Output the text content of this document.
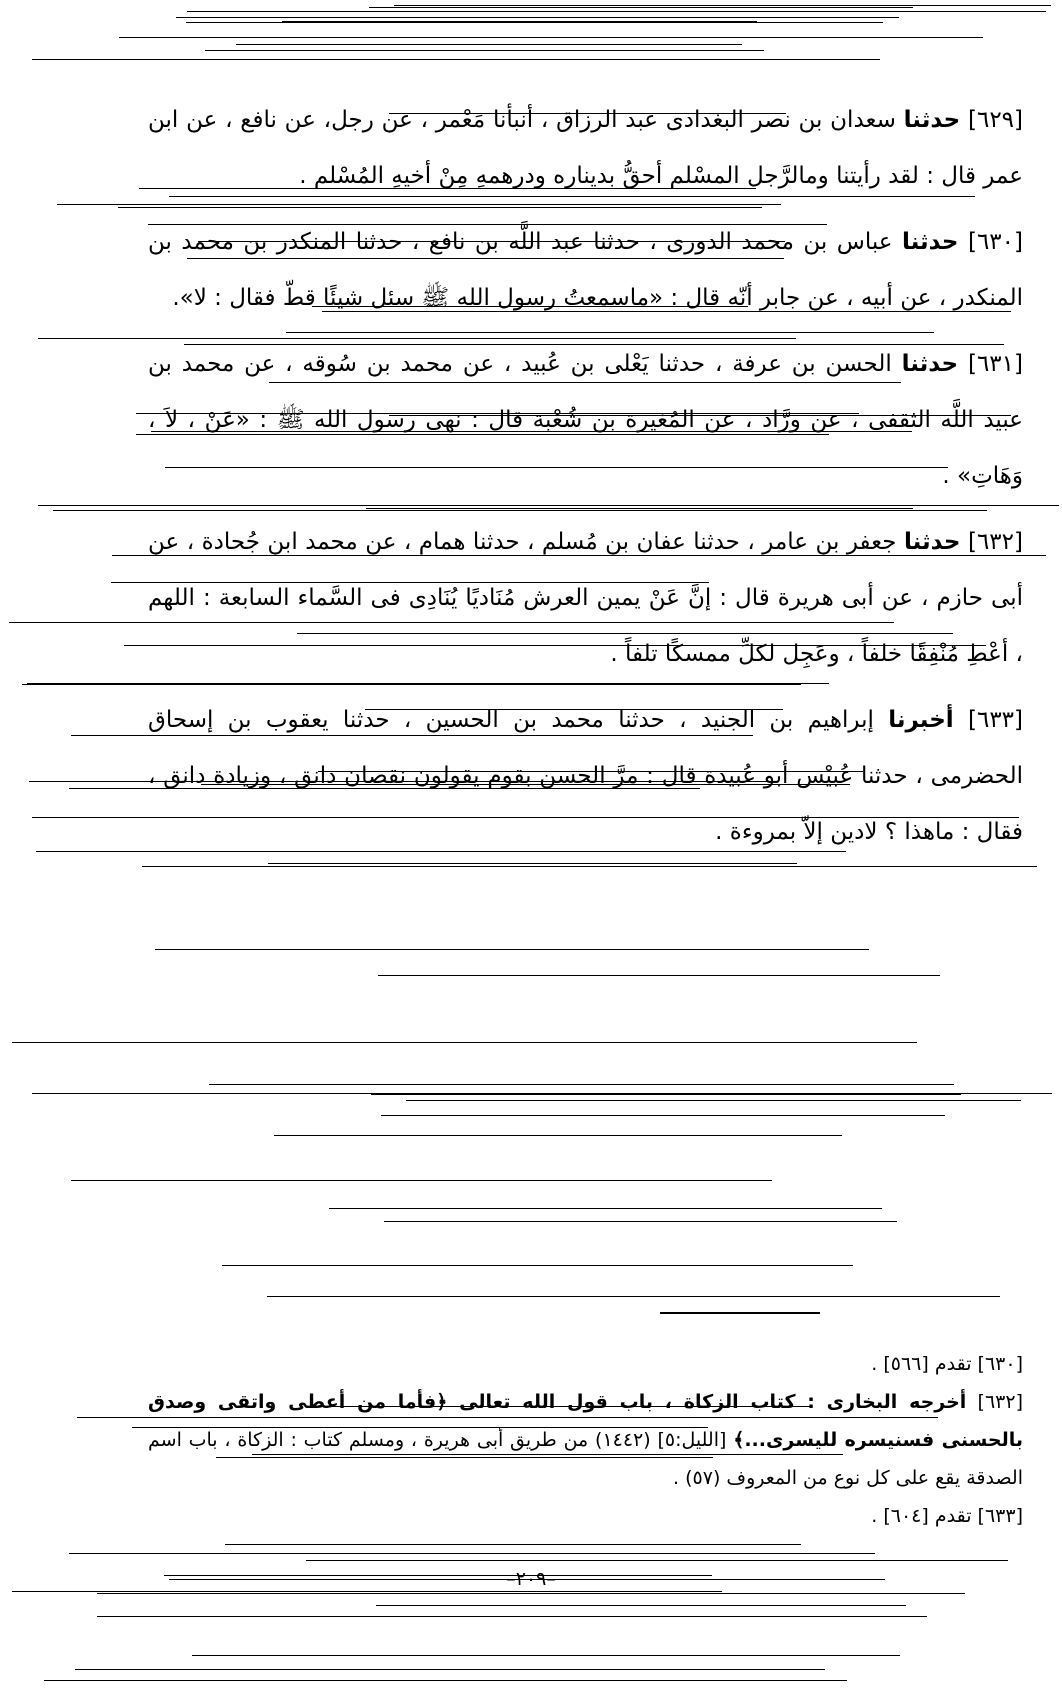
[٦٢٩] حدثنا سعدان بن نصر البغدادى عبد الرزاق ، أنبأنا مَعْمر ، عن رجل، عن نافع ، عن ابن عمر قال : لقد رأيتنا ومالرَّجل المسْلم أحقُّ بديناره ودرهمهِ مِنْ أخيهِ المُسْلم .

[٦٣٠] حدثنا عباس بن محمد الدورى ، حدثنا عبد اللَّه بن نافع ، حدثنا المنكدر بن محمد بن المنكدر ، عن أبيه ، عن جابر أنّه قال : «ماسمعتُ رسول الله ﷺ سئل شيئًا قطّ فقال : لا».

[٦٣١] حدثنا الحسن بن عرفة ، حدثنا يَعْلى بن عُبيد ، عن محمد بن سُوقه ، عن محمد بن عبيد اللَّه الثقفى ، عن ورَّاد ، عن المُغيرة بن شُعْبة قال : نهى رسول الله ﷺ : «عَنْ ، لاَ ، وَهَاتِ» .

[٦٣٢] حدثنا جعفر بن عامر ، حدثنا عفان بن مُسلم ، حدثنا همام ، عن محمد ابن جُحادة ، عن أبى حازم ، عن أبى هريرة قال : إنَّ عَنْ يمين العرش مُنَاديًا يُنَادِى فى السَّماء السابعة : اللهم ، أعْطِ مُنْفِقًا خلفاً ، وعَجِل لكلِّ ممسكًا تلفاً .

[٦٣٣] أخبرنا إبراهيم بن الجنيد ، حدثنا محمد بن الحسين ، حدثنا يعقوب بن إسحاق الحضرمى ، حدثنا عُبيْس أبو عُبيدة قال : مرَّ الحسن بقوم يقولون نقصان دانق ، وزيادة دانق ، فقال : ماهذا ؟ لادين إلاّ بمروءة .

[٦٣٠] تقدم [٥٦٦] .

[٦٣٢] أخرجه البخارى : كتاب الزكاة ، باب قول الله تعالى ﴿فأما من أعطى واتقى وصدق بالحسنى فسنيسره لليسرى...﴾ [الليل:٥] (١٤٤٢) من طريق أبى هريرة ، ومسلم كتاب : الزكاة ، باب اسم الصدقة يقع على كل نوع من المعروف (٥٧) .

[٦٣٣] تقدم [٦٠٤] .

–٢٠٩–
